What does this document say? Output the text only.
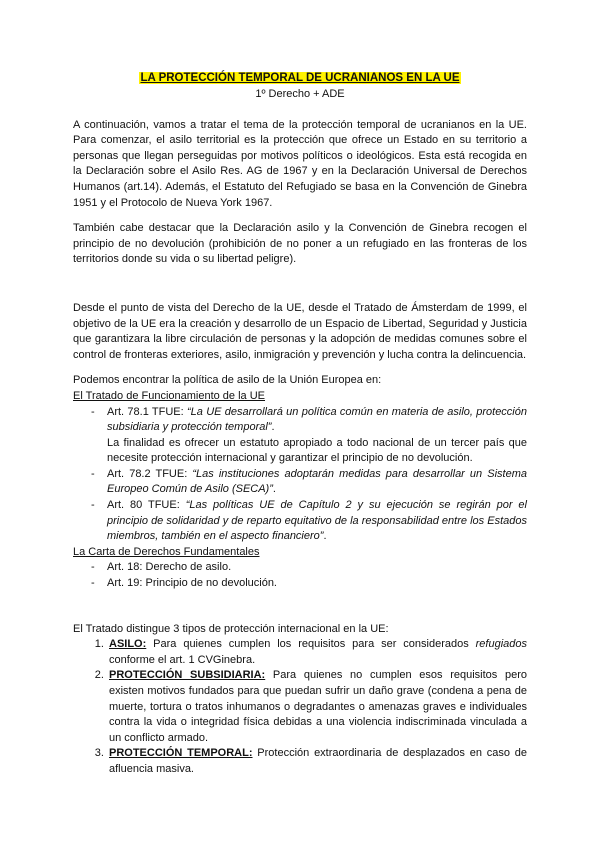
LA PROTECCIÓN TEMPORAL DE UCRANIANOS EN LA UE
1º Derecho + ADE

A continuación, vamos a tratar el tema de la protección temporal de ucranianos en la UE. Para comenzar, el asilo territorial es la protección que ofrece un Estado en su territorio a personas que llegan perseguidas por motivos políticos o ideológicos. Esta está recogida en la Declaración sobre el Asilo Res. AG de 1967 y en la Declaración Universal de Derechos Humanos (art.14). Además, el Estatuto del Refugiado se basa en la Convención de Ginebra 1951 y el Protocolo de Nueva York 1967.

También cabe destacar que la Declaración asilo y la Convención de Ginebra recogen el principio de no devolución (prohibición de no poner a un refugiado en las fronteras de los territorios donde su vida o su libertad peligre).

Desde el punto de vista del Derecho de la UE, desde el Tratado de Ámsterdam de 1999, el objetivo de la UE era la creación y desarrollo de un Espacio de Libertad, Seguridad y Justicia que garantizara la libre circulación de personas y la adopción de medidas comunes sobre el control de fronteras exteriores, asilo, inmigración y prevención y lucha contra la delincuencia.

Podemos encontrar la política de asilo de la Unión Europea en:

El Tratado de Funcionamiento de la UE
- Art. 78.1 TFUE: “La UE desarrollará un política común en materia de asilo, protección subsidiaria y protección temporal”.
La finalidad es ofrecer un estatuto apropiado a todo nacional de un tercer país que necesite protección internacional y garantizar el principio de no devolución.
- Art. 78.2 TFUE: “Las instituciones adoptarán medidas para desarrollar un Sistema Europeo Común de Asilo (SECA)”.
- Art. 80 TFUE: “Las políticas UE de Capítulo 2 y su ejecución se regirán por el principio de solidaridad y de reparto equitativo de la responsabilidad entre los Estados miembros, también en el aspecto financiero”.
La Carta de Derechos Fundamentales
- Art. 18: Derecho de asilo.
- Art. 19: Principio de no devolución.

El Tratado distingue 3 tipos de protección internacional en la UE:

1. ASILO: Para quienes cumplen los requisitos para ser considerados refugiados conforme el art. 1 CVGinebra.
2. PROTECCIÓN SUBSIDIARIA: Para quienes no cumplen esos requisitos pero existen motivos fundados para que puedan sufrir un daño grave (condena a pena de muerte, tortura o tratos inhumanos o degradantes o amenazas graves e individuales contra la vida o integridad física debidas a una violencia indiscriminada vinculada a un conflicto armado.
3. PROTECCIÓN TEMPORAL: Protección extraordinaria de desplazados en caso de afluencia masiva.
